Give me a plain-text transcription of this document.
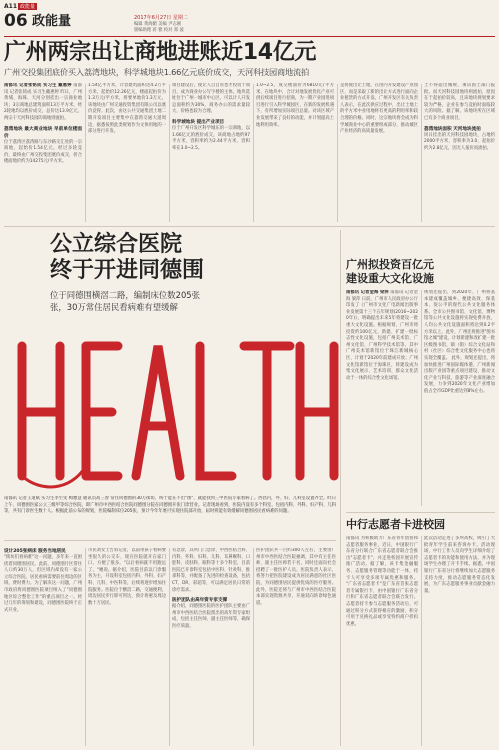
A11 政能量
06 政能量	2017年6月27日 星期二
编辑 黄海媚 美编 尹志刚
版编助理 蒋 雅 校对 郑 波
广州两宗出让商地进账近14亿元
广州交投集团底价买入荔湾地块，科学城地块1.66亿元底价成交，天河科技园商地流拍
南都讯 记者张铭成 实习生 戴惠婷 南都讯 记者张铭成 实习生戴惠婷 昨日，广州黄埔、海珠、天河分别挂出一宗商业地块；3宗商地总建筑面积13万平方米，经2轮地均以底价成交，总价达13.9亿元，两宗干天河科技园的商地则流拍。
荔湾地块 最大商业地块 早前单位楼面价
位于荔湾区荔湾路与东沙路交汇处的一宗商地，起始价1.54亿元，经过多轮竞价，最终由广州交投集团底价成交，折合楼面地价约为14275元/平方米。
1.54亿平方米，计容建筑面积达4.2万平方米，起始价12.26亿元，楼面起拍价为1.3万元/平方米，将要单地价1.3万元，该地块由广州交通投资集团有限公司以底价竞得。此次，由这公共交通集团土地二期开发项目主要集中在荔湾交通大道周边，据悉按照此类规划作为文体用地的一部分进行开发。
项目建设后，使让人自自管也才投资于项目，成为商业办公写字楼的主体。地块选址位于广州一城市中心区，可以计人开发总面积约为30%，商务办公的需求量较大，价格也较为合理。
科学城地块 提出产业项目
位于广州开发区科学城东的一宗商地，以1.66亿元的底价成交，该商地占地约97平方米，容积率约为2.44平方米，容积率在3.0~2.5。
1.0~2.5，成交楼面价为6810元/平方米，在地块中，合计对地发展优化产业可供后续项目进行招商，为一期产业园进项目进行引入科学城园区，在新的发展机遇下，有所增加实际项目总量。对该区域产业发展带来了良好的动能，并计划提高土地利用效率。
是将使出让土地，在由内开发建设产业园区，而是采取了新的出让方式进行面向企业租赁的方式开发。广州开发区有关负责人表示，在此次供应过程中，出让土地上的平方米中业用地将有更高的利用率和较合理的价格。同时，这宗地块将会成为科学城商业中心的重要组成部分，推动城区产业经济的高质量发展。
土不得超出城规，须向国土部门报批。而天河科技园地块则流拍，原因在于起拍价较高，且该地块规划要求较为严格，企业在参与竞拍时面临较大的风险。据了解，该地块所在区域已有多个商业项目。
荔湾地块面积 天河地块流拍
同日挂出的天河科技园地块，占地约2000平方米，容积率为3.0，起拍价约为2.8亿元，因无人报价而流拍。
公立综合医院
终于开进同德围
位于同德围横滘二路，编制床位数205张
张，30万常住居民看病难有望缓解
南都讯 记者王道斌 实习生李至雯 梅雅慧 通讯员高三春 常住同德围的30万街坊，终于能在不出"围"，就能找到三甲医院专家看病了。西昌内，外、妇、儿科室设置齐全。昨日上午，同德围医家公立三级甲等综合医院，即广州市中西医结合医院同德围分院在同德围开张门诊营业。记者现场看到，医院内设有多个科室，包括内科、外科、妇产科、儿科等，共有门诊医生数十人。根据此前公布的规划，医院编制床位205张，预计今年年底可实现住院部开放，届时将能有效缓解同德围居民看病难的问题。
设计205张病床 服务当地居民
"街坊们看病难"这一问题，多年来一直困扰着同德围居民。此前，同德围片区常住人口约30万人，但区域内却没有一家公立综合医院，居民看病需要前往周边的区域，费时费力。为了解决这一问题，广州市政府将同德围医院项目纳入了"同德围地区综合整治工作"的重点项目之一。经过几年的筹划和建设，同德围医院终于正式开业。
市民刘女士告诉记者，以前带孩子看病要坐很久的公交车，现在医院就开在家门口，方便了很多。"以后看病就不用跑远了。"她说。据介绍，医院目前以门诊服务为主，开设科室包括内科、外科、妇产科、儿科、中医科等，后续将逐步增加住院服务。医院位于横滘二路，交通便利，周边居民步行即可到达，预计将惠及周边数十万居民。
有急诊，其所门门急诊、中西医结合科、内科、外科、妇科、儿科、耳鼻喉科、口腔科、皮肤科、眼科等十多个科室，目前医院已开诊科室包括中医科、针灸科、推拿科等，并配备了先进的检查设备，包括CT、DR、彩超等，可以满足居民日常的诊疗需求。
医护团队由高年资专家支撑
据介绍，同德围医院的医护团队主要由广州市中西医结合医院派出的高年资专家组成，包括主任医师、副主任医师等，确保医疗质量。
医护团队共一百约300人左右，主要由广州市中西医结合医院抽调，其中有主任医师、副主任医师若干名，同时还面向社会招聘了一批医护人员。医院负责人表示，将努力把医院建设成为居民满意的社区医院，为同德围居民提供优质的医疗服务。此外，医院还将与广州市中西医结合医院本部实现资源共享，开通双向转诊绿色通道。
广州拟投资百亿元
建设重大文化设施
南都讯 记者金海 梁萍 南都讯 记者金海 梁萍 日前，广州市人民政府办公厅印发了《广州市文化广电新闻出版事业发展第十三个五年规划(2016~2020年)》，明确提出未来5年将建设一批重大文化设施。根据规划，广州市将投资约100亿元，新建、扩建一批标志性文化设施，包括广州美术馆、广州文化馆、广州科学技术馆等。其中广州美术馆新馆位于珠江新城核心区，计划于2020年前建成开放；广州文化馆新馆位于海珠区，将建设成为集文化展示、艺术培训、群众文化活动于一体的综合性文化场馆。
规划还提出，到2020年，广州将基本建成覆盖城乡、便捷高效、保基本、促公平的现代公共文化服务体系。全市公共图书馆、文化馆、博物馆等公共文化设施将实现免费开放，人均公共文化设施面积将达到0.2平方米以上。此外，广州还将推进"图书馆之城"建设，计划新建和改扩建一批区级图书馆，镇（街）综合文化站和村（社区）综合性文化服务中心也将实现全覆盖。 此外，规划还提出，将加快推进广州国际媒体港、广州新闻出版产业园等重点项目建设，推动文化产业与科技、旅游等产业深度融合发展，力争到2020年文化产业增加值占全市GDP比重达到8%左右。
中行志愿者卡进校园
南都讯 为积极助力广东省青年创客和志愿者服务事业，近日，中国银行广东省分行联合广东省志愿者联合会推出"志愿者卡"，并走进校园开展宣传推广活动。据了解，该卡集金融服务、志愿服务管理等功能于一体，持卡人可享受多项专属优惠和服务。 "广东省志愿者卡"是广东省首张志愿者专属银行卡，由中国银行广东省分行和广东省志愿者联合会联合发行。志愿者持卡参与志愿服务活动后，可通过积分方式获得相应的激励，积分可用于兑换礼品或享受特约商户折扣优惠。
此次活动走进了多所高校，吸引了大批青年学生前来咨询办卡。活动现场，中行工作人员向学生详细介绍了志愿者卡的功能和使用方法，并为现场学生办理了开卡手续。据悉，中国银行广东省分行将继续加大志愿服务支持力度，推动志愿服务常态化发展，为广东志愿服务事业贡献金融力量。
